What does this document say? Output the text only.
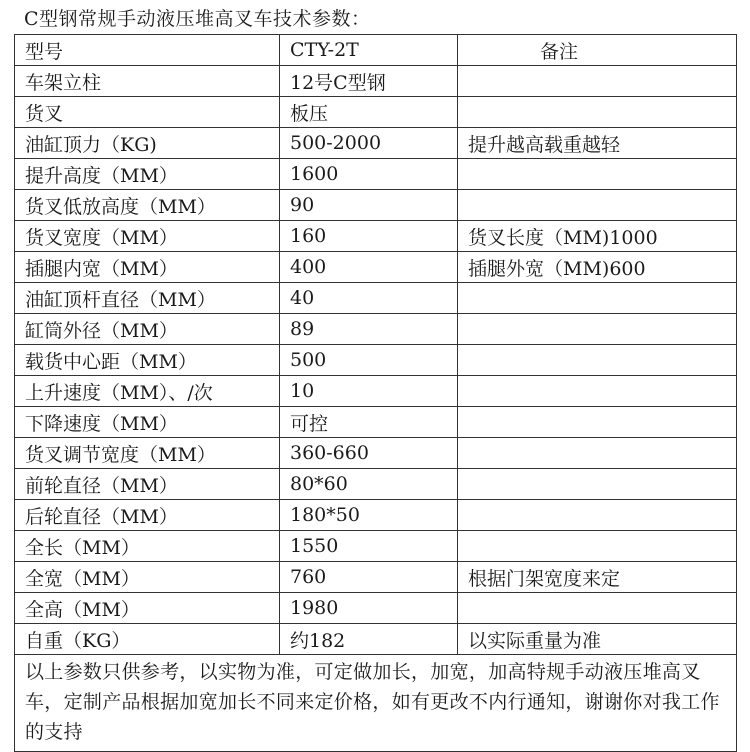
C型钢常规手动液压堆高叉车技术参数：
型号	CTY-2T	备注
车架立柱	12号C型钢	
货叉	板压	
油缸顶力（KG)	500-2000	提升越高载重越轻
提升高度（MM）	1600	
货叉低放高度（MM）	90	
货叉宽度（MM）	160	货叉长度（MM)1000
插腿内宽（MM）	400	插腿外宽（MM)600
油缸顶杆直径（MM）	40	
缸筒外径（MM）	89	
载货中心距（MM）	500	
上升速度（MM）、/次	10	
下降速度（MM）	可控	
货叉调节宽度（MM）	360-660	
前轮直径（MM）	80*60	
后轮直径（MM）	180*50	
全长（MM）	1550	
全宽（MM）	760	根据门架宽度来定
全高（MM）	1980	
自重（KG）	约182	以实际重量为准
以上参数只供参考，以实物为准，可定做加长，加宽，加高特规手动液压堆高叉车，定制产品根据加宽加长不同来定价格，如有更改不内行通知，谢谢你对我工作的支持		
